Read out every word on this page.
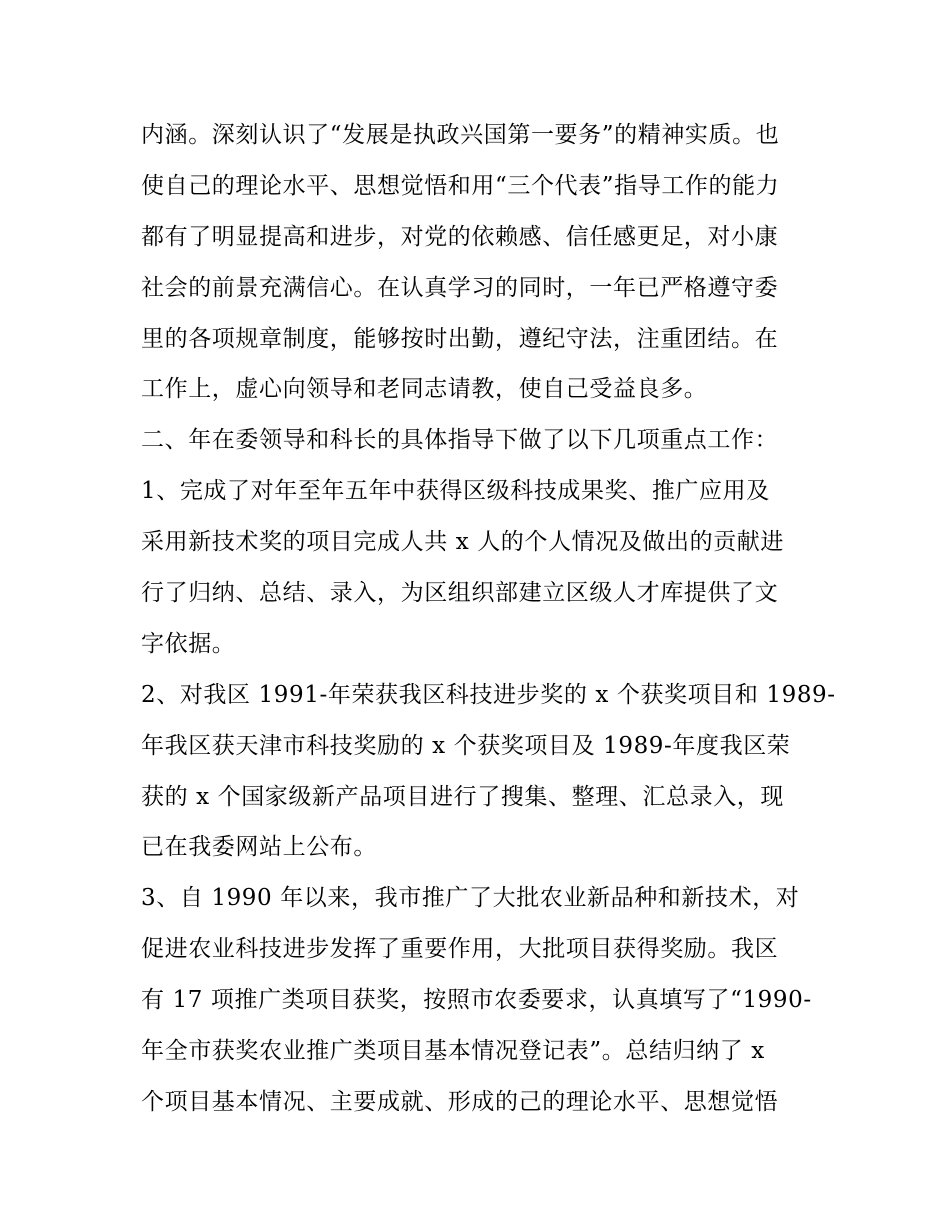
内涵。深刻认识了“发展是执政兴国第一要务”的精神实质。也
使自己的理论水平、思想觉悟和用“三个代表”指导工作的能力
都有了明显提高和进步，对党的依赖感、信任感更足，对小康
社会的前景充满信心。在认真学习的同时，一年已严格遵守委
里的各项规章制度，能够按时出勤，遵纪守法，注重团结。在
工作上，虚心向领导和老同志请教，使自己受益良多。
二、年在委领导和科长的具体指导下做了以下几项重点工作：
1、完成了对年至年五年中获得区级科技成果奖、推广应用及
采用新技术奖的项目完成人共 x 人的个人情况及做出的贡献进
行了归纳、总结、录入，为区组织部建立区级人才库提供了文
字依据。
2、对我区 1991-年荣获我区科技进步奖的 x 个获奖项目和 1989-
年我区获天津市科技奖励的 x 个获奖项目及 1989-年度我区荣
获的 x 个国家级新产品项目进行了搜集、整理、汇总录入，现
已在我委网站上公布。
3、自 1990 年以来，我市推广了大批农业新品种和新技术，对
促进农业科技进步发挥了重要作用，大批项目获得奖励。我区
有 17 项推广类项目获奖，按照市农委要求，认真填写了“1990-
年全市获奖农业推广类项目基本情况登记表”。总结归纳了 x
个项目基本情况、主要成就、形成的己的理论水平、思想觉悟
